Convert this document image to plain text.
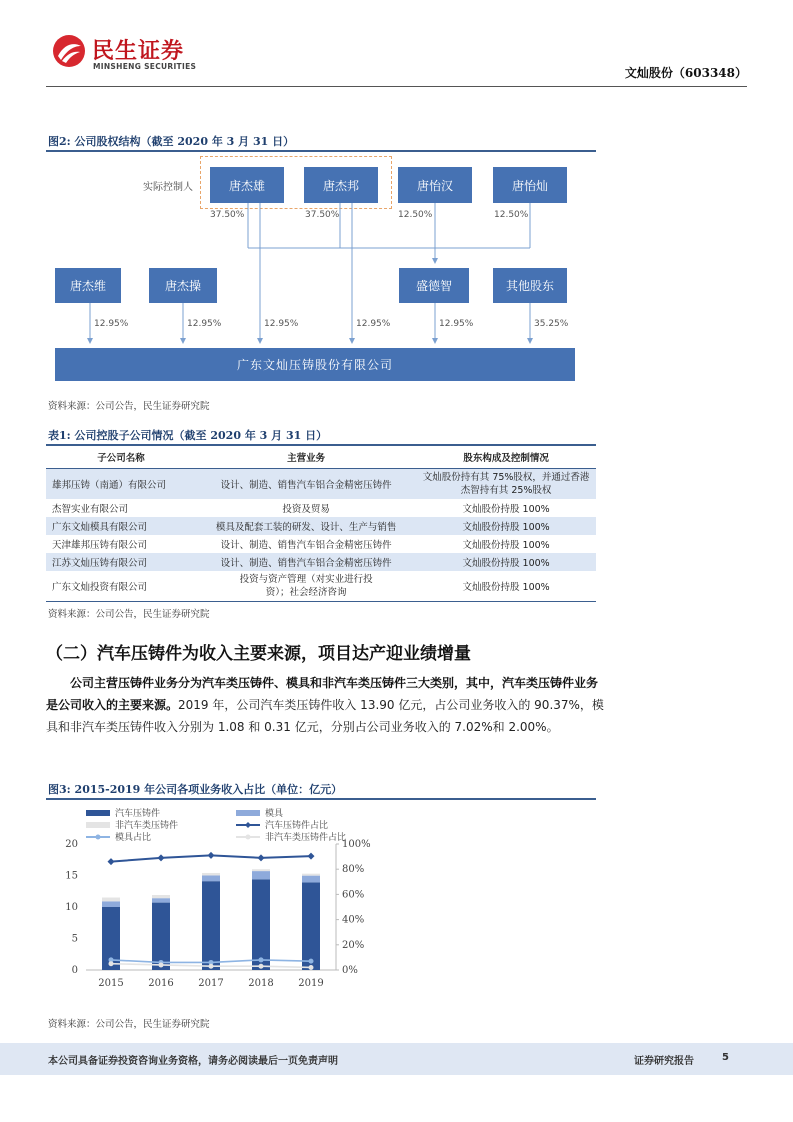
民生证券
MINSHENG SECURITIES	文灿股份（603348）
图2: 公司股权结构（截至 2020 年 3 月 31 日）
实际控制人	唐杰雄	唐杰邦	唐怡汉	唐怡灿
37.50%	37.50%	12.50%	12.50%
唐杰维	唐杰操	盛德智	其他股东
12.95%	12.95%	12.95%	12.95%	12.95%	35.25%
广东文灿压铸股份有限公司
资料来源：公司公告，民生证券研究院
表1: 公司控股子公司情况（截至 2020 年 3 月 31 日）
子公司名称	主营业务	股东构成及控制情况
雄邦压铸（南通）有限公司	设计、制造、销售汽车铝合金精密压铸件	文灿股份持有其 75%股权，并通过香港杰智持有其 25%股权
杰智实业有限公司	投资及贸易	文灿股份持股 100%
广东文灿模具有限公司	模具及配套工装的研发、设计、生产与销售	文灿股份持股 100%
天津雄邦压铸有限公司	设计、制造、销售汽车铝合金精密压铸件	文灿股份持股 100%
江苏文灿压铸有限公司	设计、制造、销售汽车铝合金精密压铸件	文灿股份持股 100%
广东文灿投资有限公司	投资与资产管理（对实业进行投资）；社会经济咨询	文灿股份持股 100%
资料来源：公司公告，民生证券研究院
（二）汽车压铸件为收入主要来源，项目达产迎业绩增量
公司主营压铸件业务分为汽车类压铸件、模具和非汽车类压铸件三大类别，其中，汽车类压铸件业务是公司收入的主要来源。2019 年，公司汽车类压铸件收入 13.90 亿元，占公司业务收入的 90.37%，模具和非汽车类压铸件收入分别为 1.08 和 0.31 亿元，分别占公司业务收入的 7.02%和 2.00%。
图3: 2015-2019 年公司各项业务收入占比（单位：亿元）
汽车压铸件	模具
非汽车类压铸件	汽车压铸件占比
模具占比	非汽车类压铸件占比
0
5
10
15
20
0%
20%
40%
60%
80%
100%
2015 2016 2017 2018 2019
资料来源：公司公告，民生证券研究院
本公司具备证券投资咨询业务资格，请务必阅读最后一页免责声明	证券研究报告	5
